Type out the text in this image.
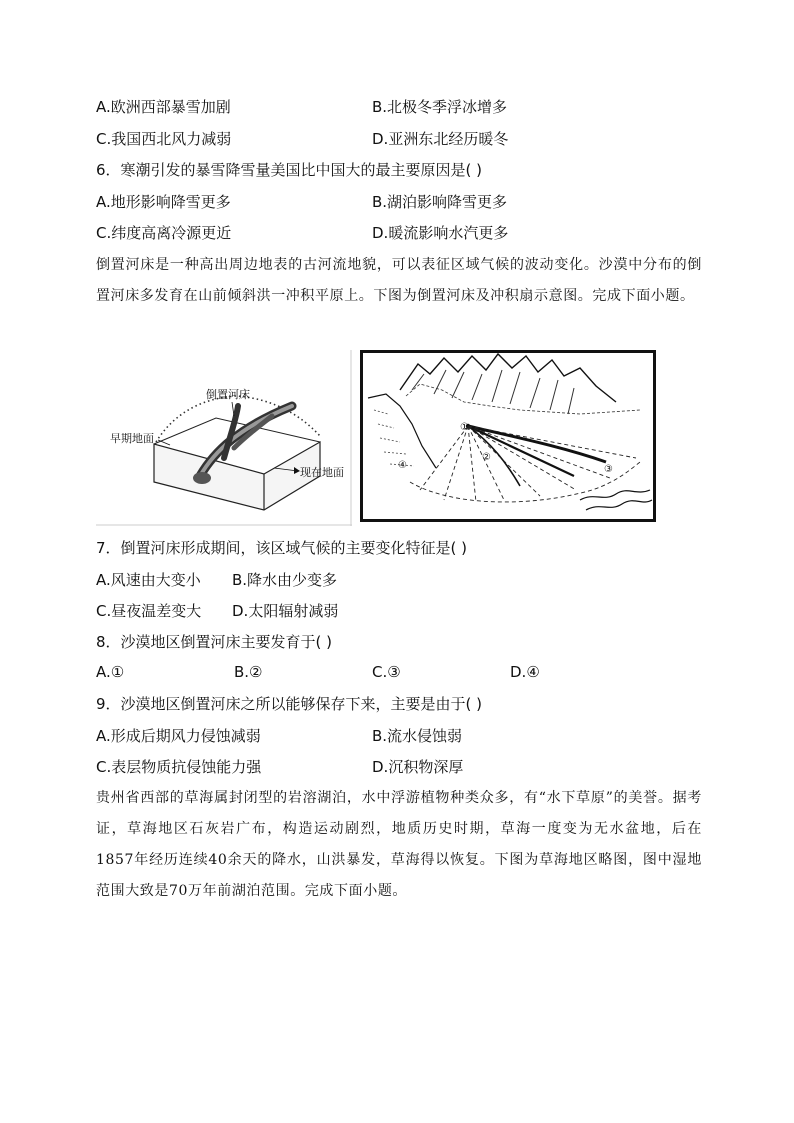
A.欧洲西部暴雪加剧	B.北极冬季浮冰增多
C.我国西北风力减弱	D.亚洲东北经历暖冬
6．寒潮引发的暴雪降雪量美国比中国大的最主要原因是( )
A.地形影响降雪更多	B.湖泊影响降雪更多
C.纬度高离冷源更近	D.暖流影响水汽更多
倒置河床是一种高出周边地表的古河流地貌，可以表征区域气候的波动变化。沙漠中分布的倒置河床多发育在山前倾斜洪一冲积平原上。下图为倒置河床及冲积扇示意图。完成下面小题。
倒置河床
早期地面
现在地面
①
②
③
④
7．倒置河床形成期间，该区域气候的主要变化特征是( )
A.风速由大变小 B.降水由少变多
C.昼夜温差变大 D.太阳辐射减弱
8．沙漠地区倒置河床主要发育于( )
A.①	B.②	C.③	D.④
9．沙漠地区倒置河床之所以能够保存下来，主要是由于( )
A.形成后期风力侵蚀减弱	B.流水侵蚀弱
C.表层物质抗侵蚀能力强	D.沉积物深厚
贵州省西部的草海属封闭型的岩溶湖泊，水中浮游植物种类众多，有“水下草原”的美誉。据考证，草海地区石灰岩广布，构造运动剧烈，地质历史时期，草海一度变为无水盆地，后在1857年经历连续40余天的降水，山洪暴发，草海得以恢复。下图为草海地区略图，图中湿地范围大致是70万年前湖泊范围。完成下面小题。
